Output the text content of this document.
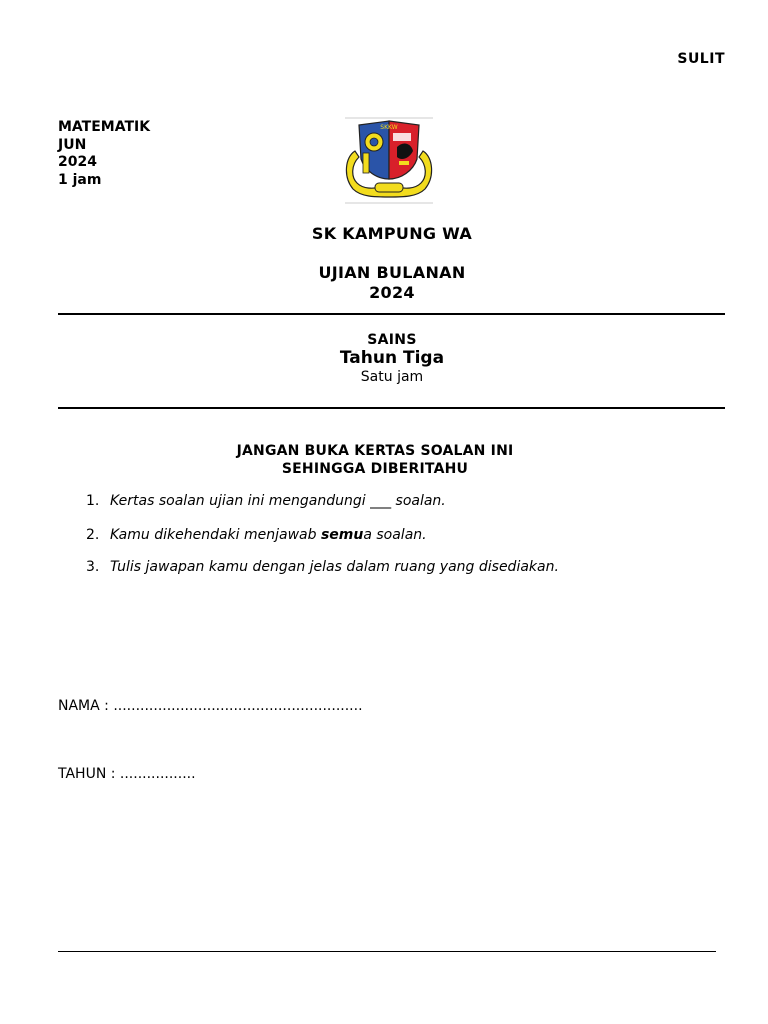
SULIT
MATEMATIK
JUN
2024
1 jam
SKKW
SK KAMPUNG WA
UJIAN BULANAN
2024
SAINS
Tahun Tiga
Satu jam
JANGAN BUKA KERTAS SOALAN INI
SEHINGGA DIBERITAHU
1. Kertas soalan ujian ini mengandungi ___ soalan.
2. Kamu dikehendaki menjawab semua soalan.
3. Tulis jawapan kamu dengan jelas dalam ruang yang disediakan.
NAMA : ........................................................
TAHUN : .................
